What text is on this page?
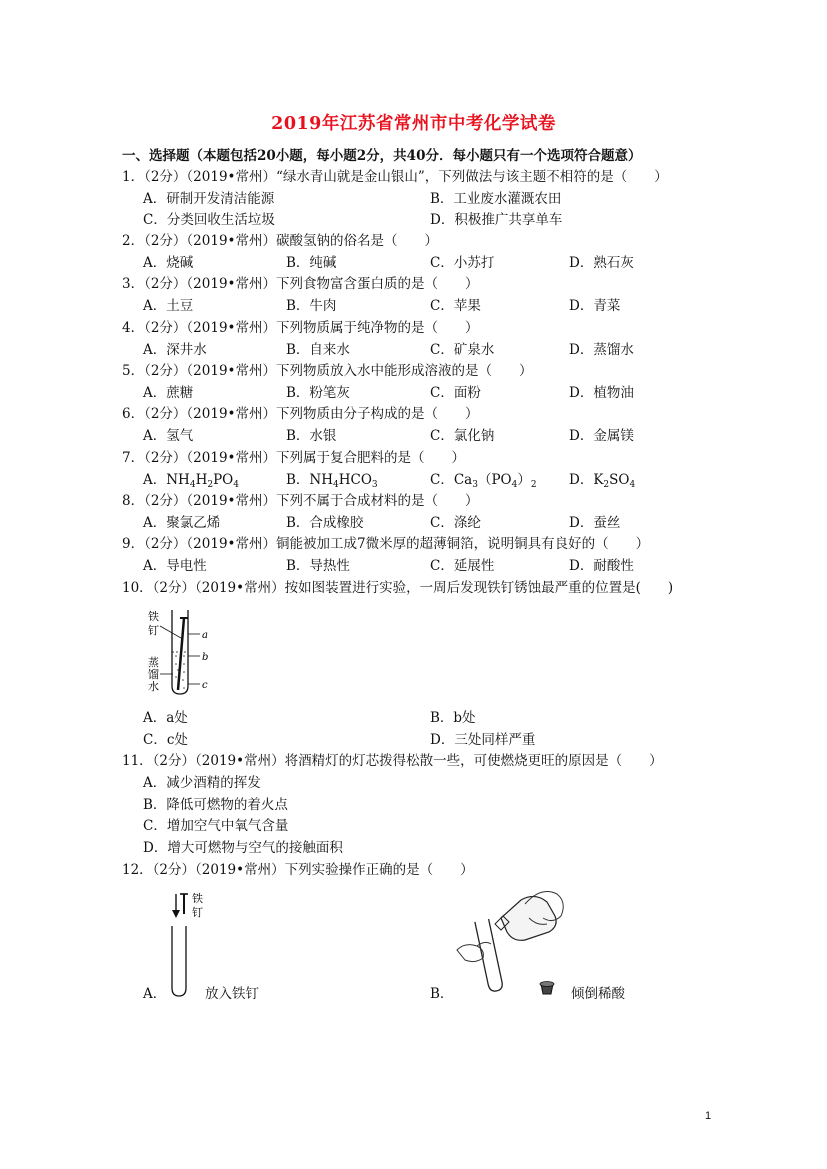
2019年江苏省常州市中考化学试卷
一、选择题（本题包括20小题，每小题2分，共40分．每小题只有一个选项符合题意）
1．（2分）（2019•常州）“绿水青山就是金山银山”，下列做法与该主题不相符的是（　　）
A．研制开发清洁能源	B．工业废水灌溉农田
C．分类回收生活垃圾	D．积极推广共享单车
2．（2分）（2019•常州）碳酸氢钠的俗名是（　　）
A．烧碱	B．纯碱	C．小苏打	D．熟石灰
3．（2分）（2019•常州）下列食物富含蛋白质的是（　　）
A．土豆	B．牛肉	C．苹果	D．青菜
4．（2分）（2019•常州）下列物质属于纯净物的是（　　）
A．深井水	B．自来水	C．矿泉水	D．蒸馏水
5．（2分）（2019•常州）下列物质放入水中能形成溶液的是（　　）
A．蔗糖	B．粉笔灰	C．面粉	D．植物油
6．（2分）（2019•常州）下列物质由分子构成的是（　　）
A．氢气	B．水银	C．氯化钠	D．金属镁
7．（2分）（2019•常州）下列属于复合肥料的是（　　）
A．$NH_4H_2PO_4$	B．$NH_4HCO_3$	C．$Ca_3(PO_4)_2$ D．$K_2SO_4$
8．（2分）（2019•常州）下列不属于合成材料的是（　　）
A．聚氯乙烯	B．合成橡胶	C．涤纶	D．蚕丝
9．（2分）（2019•常州）铜能被加工成7微米厚的超薄铜箔，说明铜具有良好的（　　）
A．导电性	B．导热性	C．延展性	D．耐酸性
10．（2分）（2019•常州）按如图装置进行实验，一周后发现铁钉锈蚀最严重的位置是(　　)
a
b
c
铁
钉
蒸
馏
水
A．a处	B．b处
C．c处	D．三处同样严重
11．（2分）（2019•常州）将酒精灯的灯芯拨得松散一些，可使燃烧更旺的原因是（　　）
A．减少酒精的挥发
B．降低可燃物的着火点
C．增加空气中氧气含量
D．增大可燃物与空气的接触面积
12．（2分）（2019•常州）下列实验操作正确的是（　　）
铁
钉
A．	放入铁钉	B．	倾倒稀酸
1
